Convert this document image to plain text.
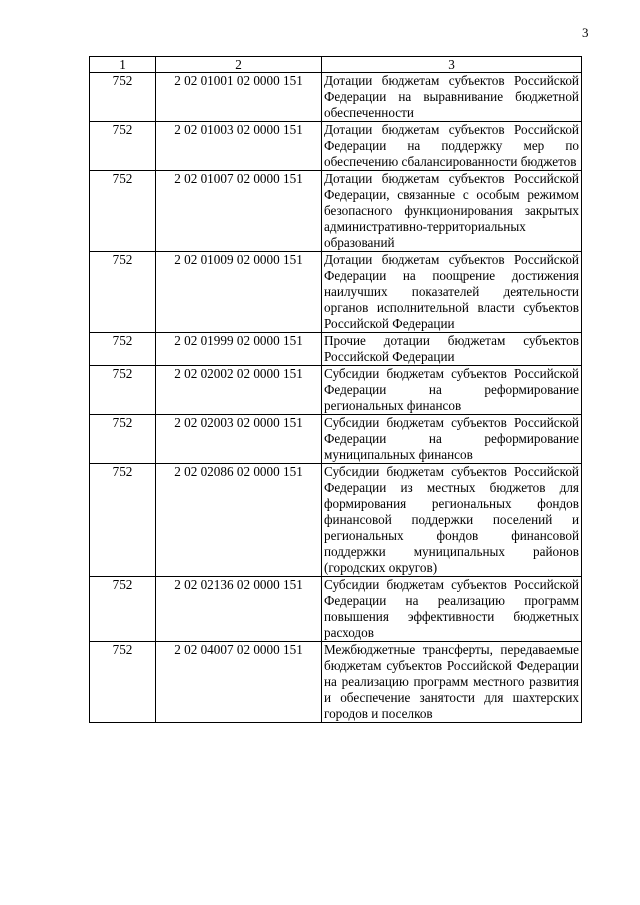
3
1	2	3
752	2 02 01001 02 0000 151	Дотации бюджетам субъектов Российской Федерации на выравнивание бюджетной обеспеченности
752	2 02 01003 02 0000 151	Дотации бюджетам субъектов Российской Федерации на поддержку мер по обеспечению сбалансированности бюджетов
752	2 02 01007 02 0000 151	Дотации бюджетам субъектов Российской Федерации, связанные с особым режимом безопасного функционирования закрытых административно-территориальных образований
752	2 02 01009 02 0000 151	Дотации бюджетам субъектов Российской Федерации на поощрение достижения наилучших показателей деятельности органов исполнительной власти субъектов Российской Федерации
752	2 02 01999 02 0000 151	Прочие дотации бюджетам субъектов Российской Федерации
752	2 02 02002 02 0000 151	Субсидии бюджетам субъектов Российской Федерации на реформирование региональных финансов
752	2 02 02003 02 0000 151	Субсидии бюджетам субъектов Российской Федерации на реформирование муниципальных финансов
752	2 02 02086 02 0000 151	Субсидии бюджетам субъектов Российской Федерации из местных бюджетов для формирования региональных фондов финансовой поддержки поселений и региональных фондов финансовой поддержки муниципальных районов (городских округов)
752	2 02 02136 02 0000 151	Субсидии бюджетам субъектов Российской Федерации на реализацию программ повышения эффективности бюджетных расходов
752	2 02 04007 02 0000 151	Межбюджетные трансферты, передаваемые бюджетам субъектов Российской Федерации на реализацию программ местного развития и обеспечение занятости для шахтерских городов и поселков
